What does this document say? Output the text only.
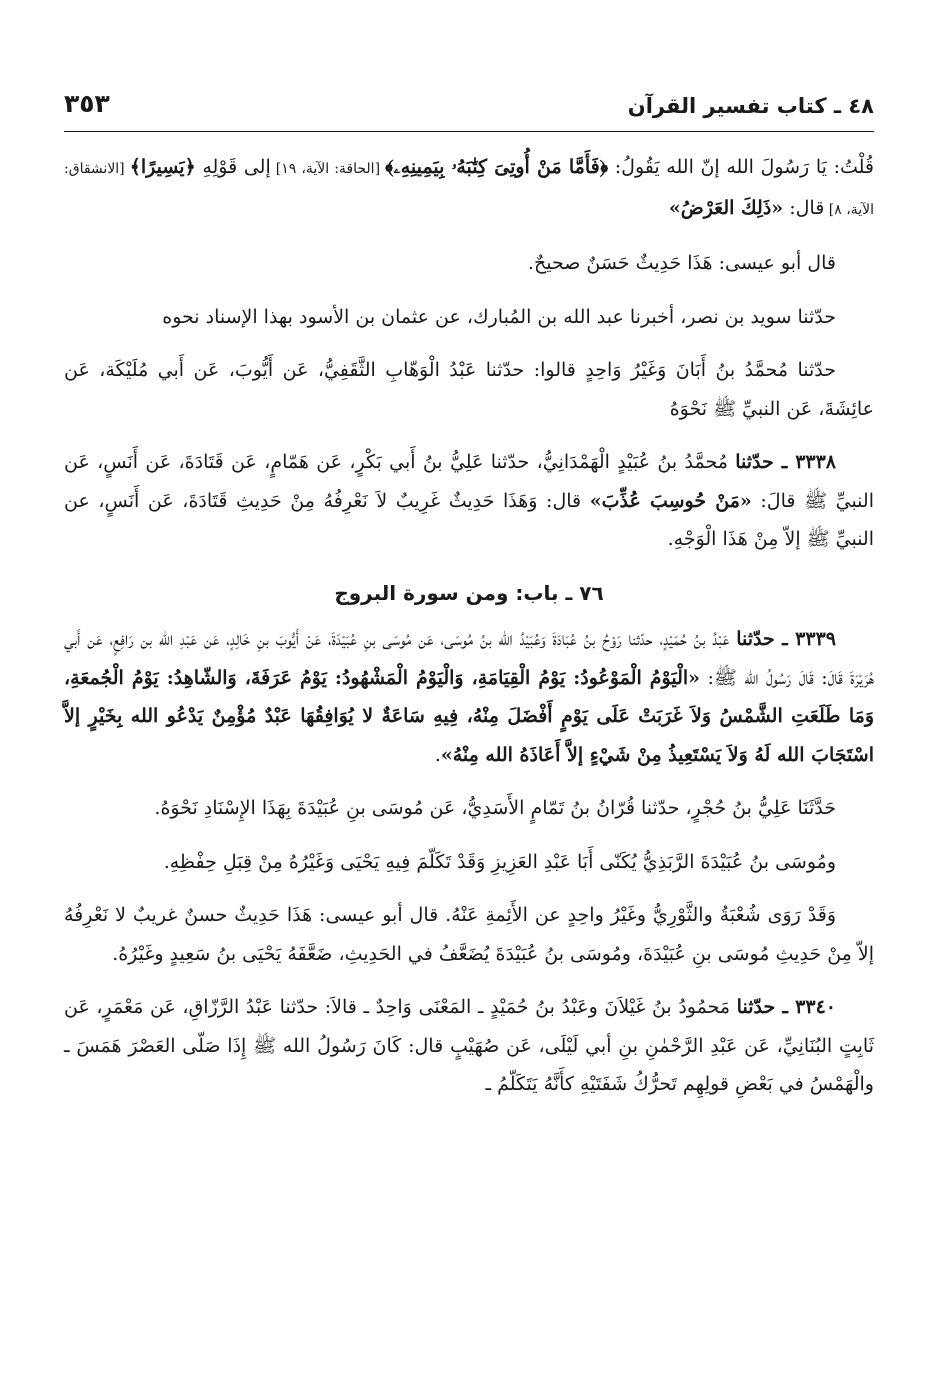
٤٨ ـ كتاب تفسير القرآن
٣٥٣

قُلْتُ: يَا رَسُولَ الله إنّ الله يَقُولُ: ﴿فَأَمَّا مَنْ أُوتِىَ كِتَٰبَهُۥ بِيَمِينِهِۦ﴾ [الحاقة: الآية، ١٩] إلى قَوْلِهِ ﴿يَسِيرًا﴾ [الانشقاق: الآية، ٨] قال: «ذَلِكَ العَرْضُ»

قال أبو عيسى: هَذَا حَدِيثٌ حَسَنٌ صحيحٌ.

حدّثنا سويد بن نصر، أخبرنا عبد الله بن المُبارك، عن عثمان بن الأسود بهذا الإسناد نحوه

حدّثنا مُحمَّدُ بنُ أَبَانَ وَغَيْرُ وَاحِدٍ قالوا: حدّثنا عَبْدُ الْوَهّابِ الثَّقَفِيُّ، عَن أَيُّوبَ، عَن أَبي مُلَيْكَة، عَن عائِشَةَ، عَن النبيِّ ﷺ نَحْوَهُ

٣٣٣٨ ـ حدّثنا مُحمَّدُ بنُ عُبَيْدٍ الْهَمْدَانِيُّ، حدّثنا عَلِيُّ بنُ أَبي بَكْرٍ، عَن هَمّامٍ، عَن قَتَادَةَ، عَن أَنَسٍ، عَن النبيِّ ﷺ قالَ: «مَنْ حُوسِبَ عُذِّبَ» قال: وَهَذَا حَدِيثٌ غَرِيبٌ لاَ نَعْرِفُهُ مِنْ حَدِيثِ قَتَادَةَ، عَن أَنَسٍ، عن النبيِّ ﷺ إلاّ مِنْ هَذَا الْوَجْهِ.

٧٦ ـ باب: ومن سورة البروج

٣٣٣٩ ـ حدّثنا عَبْدُ بنُ حُمَيْدٍ، حدّثنا رَوْحُ بنُ عُبَادَةَ وَعُبَيْدُ الله بنُ مُوسَى، عَن مُوسَى بنِ عُبَيْدَةَ، عَنْ أَيُّوبَ بنِ خَالِدٍ، عَن عَبْدِ الله بن رَافِعٍ، عَن أَبي هُرَيْرَةَ قَالَ: قَالَ رَسُولُ الله ﷺ: «الْيَوْمُ الْمَوْعُودُ: يَوْمُ الْقِيَامَةِ، وَالْيَوْمُ الْمَشْهُودُ: يَوْمُ عَرَفَةَ، وَالشّاهِدُ: يَوْمُ الْجُمعَةِ، وَمَا طَلَعَتِ الشَّمْسُ وَلاَ غَرَبَتْ عَلَى يَوْمٍ أَفْضَلَ مِنْهُ، فِيهِ سَاعَةٌ لا يُوَافِقُهَا عَبْدٌ مُؤْمِنٌ يَدْعُو الله بِخَيْرٍ إلاَّ اسْتَجَابَ الله لَهُ وَلاَ يَسْتَعِيذُ مِنْ شَيْءٍ إلاَّ أَعَاذَهُ الله مِنْهُ».

حَدَّثَنَا عَلِيُّ بنُ حُجْرٍ، حدّثنا قُرّانُ بنُ تَمّامٍ الأَسَدِيُّ، عَن مُوسَى بنِ عُبَيْدَةَ بِهَذَا الإِسْنَادِ نَحْوَهُ.

ومُوسَى بنُ عُبَيْدَةَ الرَّبَذِيُّ يُكَنّى أَبَا عَبْدِ العَزِيزِ وَقَدْ تَكَلّمَ فِيهِ يَحْيَى وَغَيْرُهُ مِنْ قِبَلِ حِفْظِهِ.

وَقَدْ رَوَى شُعْبَةُ والثَّوْرِيُّ وغَيْرُ واحِدٍ عن الأَئِمةِ عَنْهُ. قال أبو عيسى: هَذَا حَدِيثٌ حسنٌ غريبٌ لا نَعْرِفُهُ إلاّ مِنْ حَدِيثِ مُوسَى بنِ عُبَيْدَةَ، ومُوسَى بنُ عُبَيْدَةَ يُضَعَّفُ في الحَدِيثِ، ضَعَّفَهُ يَحْيَى بنُ سَعِيدٍ وغَيْرُهُ.

٣٣٤٠ ـ حدّثنا مَحمُودُ بنُ غَيْلاَنَ وعَبْدُ بنُ حُمَيْدٍ ـ المَعْنَى وَاحِدٌ ـ قالاَ: حدّثنا عَبْدُ الرَّزّاقِ، عَن مَعْمَرٍ، عَن ثَابِتٍ البُنَانِيِّ، عَن عَبْدِ الرَّحْمٰنِ بنِ أبي لَيْلَى، عَن صُهَيْبٍ قال: كَانَ رَسُولُ الله ﷺ إِذَا صَلّى العَصْرَ هَمَسَ ـ والْهَمْسُ في بَعْضِ قولِهِم تَحرُّكُ شَفَتَيْهِ كأَنَّهُ يَتَكَلّمُ ـ
